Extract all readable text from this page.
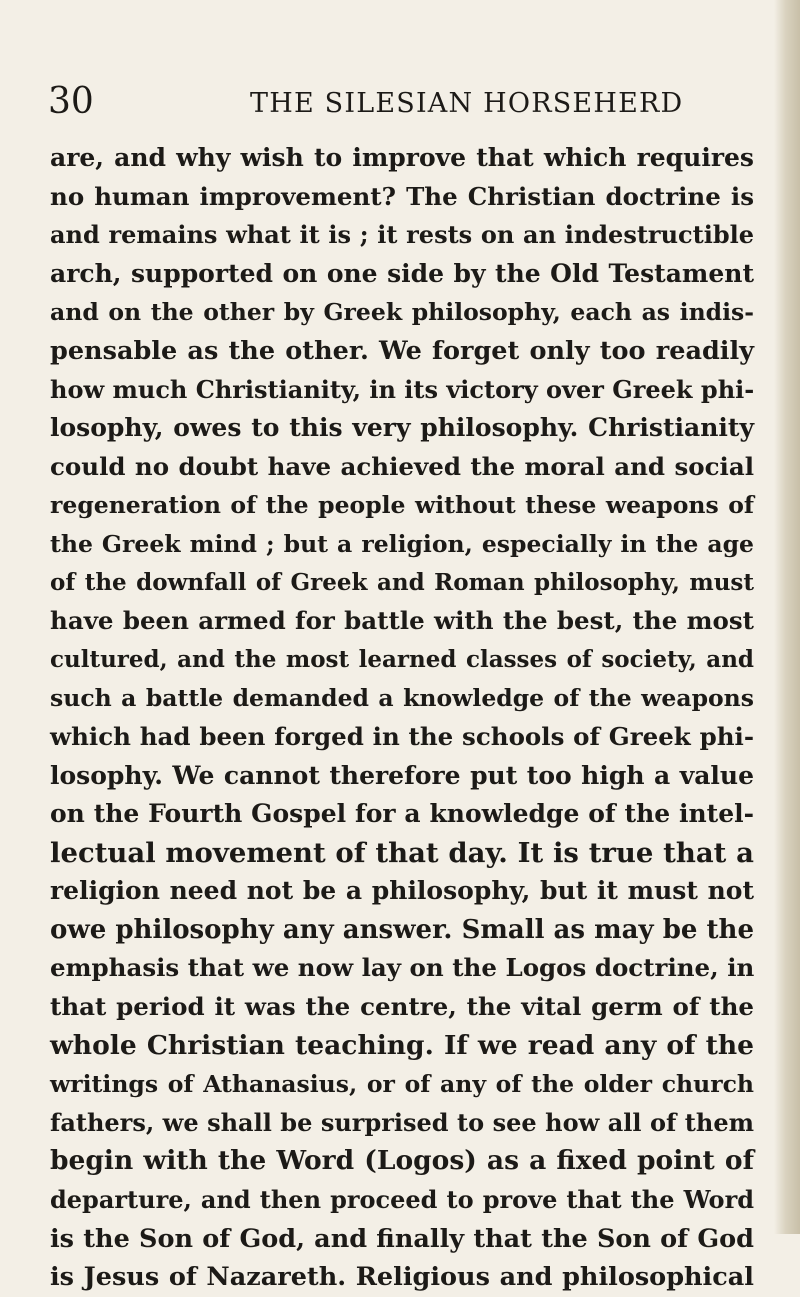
30	THE SILESIAN HORSEHERD
are, and why wish to improve that which requires
no human improvement? The Christian doctrine is
and remains what it is ; it rests on an indestructible
arch, supported on one side by the Old Testament
and on the other by Greek philosophy, each as indis-
pensable as the other. We forget only too readily
how much Christianity, in its victory over Greek phi-
losophy, owes to this very philosophy. Christianity
could no doubt have achieved the moral and social
regeneration of the people without these weapons of
the Greek mind ; but a religion, especially in the age
of the downfall of Greek and Roman philosophy, must
have been armed for battle with the best, the most
cultured, and the most learned classes of society, and
such a battle demanded a knowledge of the weapons
which had been forged in the schools of Greek phi-
losophy. We cannot therefore put too high a value
on the Fourth Gospel for a knowledge of the intel-
lectual movement of that day. It is true that a
religion need not be a philosophy, but it must not
owe philosophy any answer. Small as may be the
emphasis that we now lay on the Logos doctrine, in
that period it was the centre, the vital germ of the
whole Christian teaching. If we read any of the
writings of Athanasius, or of any of the older church
fathers, we shall be surprised to see how all of them
begin with the Word (Logos) as a fixed point of
departure, and then proceed to prove that the Word
is the Son of God, and finally that the Son of God
is Jesus of Nazareth. Religious and philosophical
